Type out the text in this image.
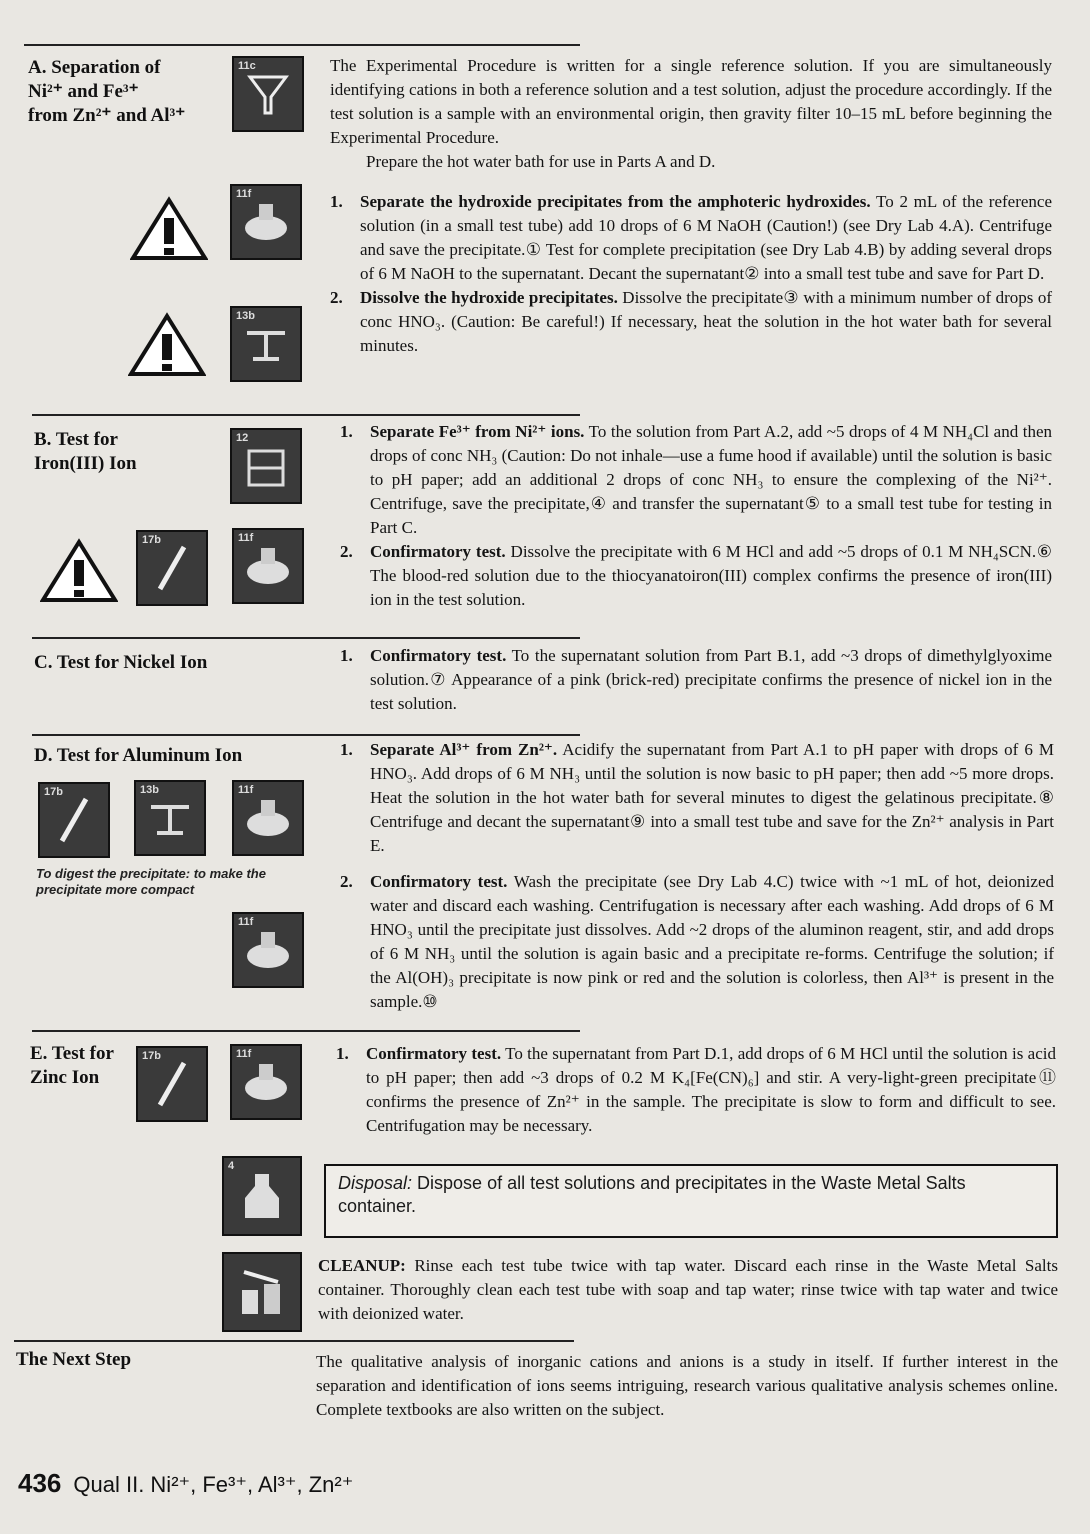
A. Separation of
Ni²⁺ and Fe³⁺
from Zn²⁺ and Al³⁺
11c
11f
13b

The Experimental Procedure is written for a single reference solution. If you are simultaneously identifying cations in both a reference solution and a test solution, adjust the procedure accordingly. If the test solution is a sample with an environmental origin, then gravity filter 10–15 mL before beginning the Experimental Procedure.

Prepare the hot water bath for use in Parts A and D.

1. Separate the hydroxide precipitates from the amphoteric hydroxides. To 2 mL of the reference solution (in a small test tube) add 10 drops of 6 M NaOH (Caution!) (see Dry Lab 4.A). Centrifuge and save the precipitate.① Test for complete precipitation (see Dry Lab 4.B) by adding several drops of 6 M NaOH to the supernatant. Decant the supernatant② into a small test tube and save for Part D.

2. Dissolve the hydroxide precipitates. Dissolve the precipitate③ with a minimum number of drops of conc HNO₃. (Caution: Be careful!) If necessary, heat the solution in the hot water bath for several minutes.

B. Test for
Iron(III) Ion
12
17b	11f

1. Separate Fe³⁺ from Ni²⁺ ions. To the solution from Part A.2, add ~5 drops of 4 M NH₄Cl and then drops of conc NH₃ (Caution: Do not inhale—use a fume hood if available) until the solution is basic to pH paper; add an additional 2 drops of conc NH₃ to ensure the complexing of the Ni²⁺. Centrifuge, save the precipitate,④ and transfer the supernatant⑤ to a small test tube for testing in Part C.

2. Confirmatory test. Dissolve the precipitate with 6 M HCl and add ~5 drops of 0.1 M NH₄SCN.⑥ The blood-red solution due to the thiocyanatoiron(III) complex confirms the presence of iron(III) ion in the test solution.

C. Test for Nickel Ion	1. Confirmatory test. To the supernatant solution from Part B.1, add ~3 drops of dimethylglyoxime solution.⑦ Appearance of a pink (brick-red) precipitate confirms the presence of nickel ion in the test solution.

D. Test for Aluminum Ion
17b	13b	11f
To digest the precipitate: to make the precipitate more compact
11f

1. Separate Al³⁺ from Zn²⁺. Acidify the supernatant from Part A.1 to pH paper with drops of 6 M HNO₃. Add drops of 6 M NH₃ until the solution is now basic to pH paper; then add ~5 more drops. Heat the solution in the hot water bath for several minutes to digest the gelatinous precipitate.⑧ Centrifuge and decant the supernatant⑨ into a small test tube and save for the Zn²⁺ analysis in Part E.

2. Confirmatory test. Wash the precipitate (see Dry Lab 4.C) twice with ~1 mL of hot, deionized water and discard each washing. Centrifugation is necessary after each washing. Add drops of 6 M HNO₃ until the precipitate just dissolves. Add ~2 drops of the aluminon reagent, stir, and add drops of 6 M NH₃ until the solution is again basic and a precipitate re-forms. Centrifuge the solution; if the Al(OH)₃ precipitate is now pink or red and the solution is colorless, then Al³⁺ is present in the sample.⑩

E. Test for
Zinc Ion
17b	11f	1. Confirmatory test. To the supernatant from Part D.1, add drops of 6 M HCl until the solution is acid to pH paper; then add ~3 drops of 0.2 M K₄[Fe(CN)₆] and stir. A very-light-green precipitate⑪ confirms the presence of Zn²⁺ in the sample. The precipitate is slow to form and difficult to see. Centrifugation may be necessary.

4
Disposal: Dispose of all test solutions and precipitates in the Waste Metal Salts container.

CLEANUP: Rinse each test tube twice with tap water. Discard each rinse in the Waste Metal Salts container. Thoroughly clean each test tube with soap and tap water; rinse twice with tap water and twice with deionized water.

The Next Step	The qualitative analysis of inorganic cations and anions is a study in itself. If further interest in the separation and identification of ions seems intriguing, research various qualitative analysis schemes online. Complete textbooks are also written on the subject.
436 Qual II. Ni²⁺, Fe³⁺, Al³⁺, Zn²⁺
